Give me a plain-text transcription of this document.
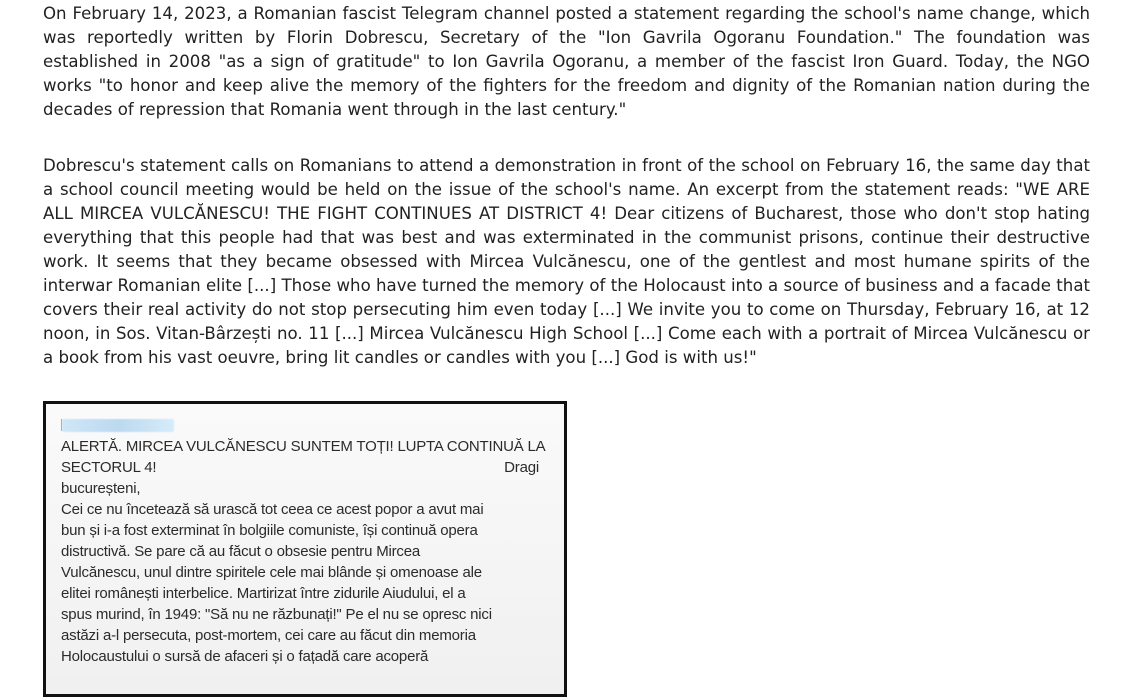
On February 14, 2023, a Romanian fascist Telegram channel posted a statement regarding the school's name change, which was reportedly written by Florin Dobrescu, Secretary of the "Ion Gavrila Ogoranu Foundation." The foundation was established in 2008 "as a sign of gratitude" to Ion Gavrila Ogoranu, a member of the fascist Iron Guard. Today, the NGO works "to honor and keep alive the memory of the fighters for the freedom and dignity of the Romanian nation during the decades of repression that Romania went through in the last century."

Dobrescu's statement calls on Romanians to attend a demonstration in front of the school on February 16, the same day that a school council meeting would be held on the issue of the school's name. An excerpt from the statement reads: "WE ARE ALL MIRCEA VULCĂNESCU! THE FIGHT CONTINUES AT DISTRICT 4! Dear citizens of Bucharest, those who don't stop hating everything that this people had that was best and was exterminated in the communist prisons, continue their destructive work. It seems that they became obsessed with Mircea Vulcănescu, one of the gentlest and most humane spirits of the interwar Romanian elite [...] Those who have turned the memory of the Holocaust into a source of business and a facade that covers their real activity do not stop persecuting him even today [...] We invite you to come on Thursday, February 16, at 12 noon, in Sos. Vitan-Bârzești no. 11 [...] Mircea Vulcănescu High School [...] Come each with a portrait of Mircea Vulcănescu or a book from his vast oeuvre, bring lit candles or candles with you [...] God is with us!"

ALERTĂ. MIRCEA VULCĂNESCU SUNTEM TOȚI! LUPTA CONTINUĂ LA
SECTORUL 4!	Dragi
bucureșteni,
Cei ce nu încetează să urască tot ceea ce acest popor a avut mai
bun și i-a fost exterminat în bolgiile comuniste, își continuă opera
distructivă. Se pare că au făcut o obsesie pentru Mircea
Vulcănescu, unul dintre spiritele cele mai blânde și omenoase ale
elitei românești interbelice. Martirizat între zidurile Aiudului, el a
spus murind, în 1949: "Să nu ne răzbunați!" Pe el nu se opresc nici
astăzi a-l persecuta, post-mortem, cei care au făcut din memoria
Holocaustului o sursă de afaceri și o fațadă care acoperă
